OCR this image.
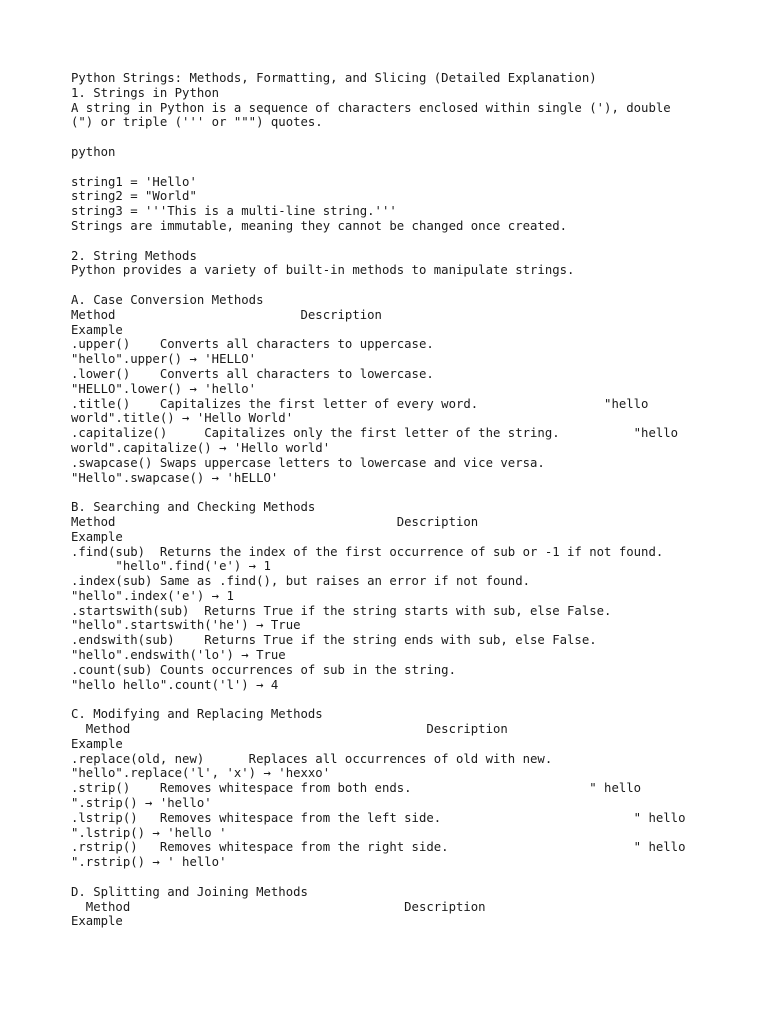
Python Strings: Methods, Formatting, and Slicing (Detailed Explanation)
1. Strings in Python
A string in Python is a sequence of characters enclosed within single ('), double
(") or triple (''' or """) quotes.
python
string1 = 'Hello'
string2 = "World"
string3 = '''This is a multi-line string.'''
Strings are immutable, meaning they cannot be changed once created.
2. String Methods
Python provides a variety of built-in methods to manipulate strings.
A. Case Conversion Methods
Method                         Description
Example
.upper()    Converts all characters to uppercase.
"hello".upper() → 'HELLO'
.lower()    Converts all characters to lowercase.
"HELLO".lower() → 'hello'
.title()    Capitalizes the first letter of every word.                 "hello
world".title() → 'Hello World'
.capitalize()     Capitalizes only the first letter of the string.          "hello
world".capitalize() → 'Hello world'
.swapcase() Swaps uppercase letters to lowercase and vice versa.
"Hello".swapcase() → 'hELLO'
B. Searching and Checking Methods
Method                                      Description
Example
.find(sub)  Returns the index of the first occurrence of sub or -1 if not found.
"hello".find('e') → 1
.index(sub) Same as .find(), but raises an error if not found.
"hello".index('e') → 1
.startswith(sub)  Returns True if the string starts with sub, else False.
"hello".startswith('he') → True
.endswith(sub)    Returns True if the string ends with sub, else False.
"hello".endswith('lo') → True
.count(sub) Counts occurrences of sub in the string.
"hello hello".count('l') → 4
C. Modifying and Replacing Methods
Method                                        Description
Example
.replace(old, new)      Replaces all occurrences of old with new.
"hello".replace('l', 'x') → 'hexxo'
.strip()    Removes whitespace from both ends.                        " hello
".strip() → 'hello'
.lstrip()   Removes whitespace from the left side.                          " hello
".lstrip() → 'hello '
.rstrip()   Removes whitespace from the right side.                         " hello
".rstrip() → ' hello'
D. Splitting and Joining Methods
Method                                     Description
Example
